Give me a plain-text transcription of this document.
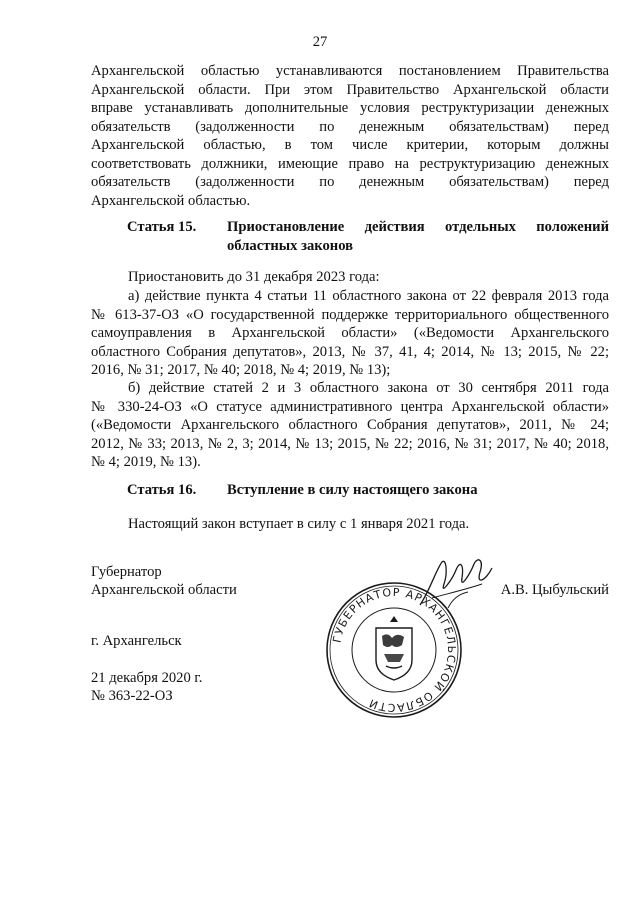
27

Архангельской областью устанавливаются постановлением Правительства

Архангельской области. При этом Правительство Архангельской области

вправе устанавливать дополнительные условия реструктуризации денежных

обязательств (задолженности по денежным обязательствам) перед

Архангельской областью, в том числе критерии, которым должны

соответствовать должники, имеющие право на реструктуризацию денежных

обязательств (задолженности по денежным обязательствам) перед

Архангельской областью.

Статья 15. Приостановление действия отдельных положений
областных законов

Приостановить до 31 декабря 2023 года:

а) действие пункта 4 статьи 11 областного закона от 22 февраля 2013 года

№ 613-37-ОЗ «О государственной поддержке территориального общественного

самоуправления в Архангельской области» («Ведомости Архангельского

областного Собрания депутатов», 2013, № 37, 41, 4; 2014, № 13; 2015, № 22;

2016, № 31; 2017, № 40; 2018, № 4; 2019, № 13);

б) действие статей 2 и 3 областного закона от 30 сентября 2011 года

№ 330-24-ОЗ «О статусе административного центра Архангельской области»

(«Ведомости Архангельского областного Собрания депутатов», 2011, № 24;

2012, № 33; 2013, № 2, 3; 2014, № 13; 2015, № 22; 2016, № 31; 2017, № 40; 2018,

№ 4; 2019, № 13).

Статья 16. Вступление в силу настоящего закона

Настоящий закон вступает в силу с 1 января 2021 года.

Губернатор

Архангельской области	А.В. Цыбульский

г. Архангельск

21 декабря 2020 г.

№ 363-22-ОЗ

ГУБЕРНАТОР АРХАНГЕЛЬСКОЙ ОБЛАСТИ
